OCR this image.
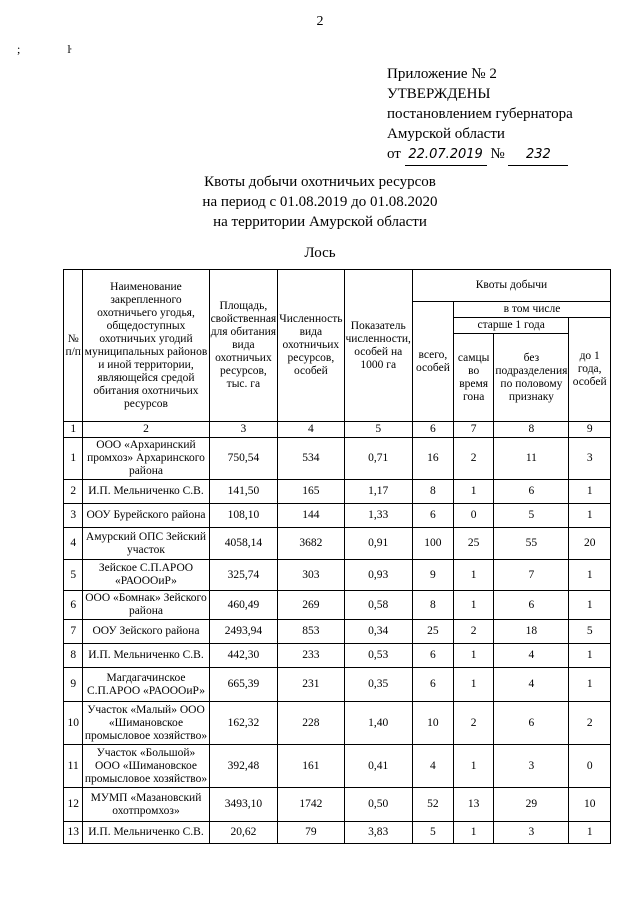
2
; ŀ
Приложение № 2
УТВЕРЖДЕНЫ
постановлением губернатора
Амурской области
от 22.07.2019 № 232
Квоты добычи охотничьих ресурсов
на период с 01.08.2019 до 01.08.2020
на территории Амурской области
Лось
№ п/п	Наименование закрепленного охотничьего угодья, общедоступных охотничьих угодий муниципальных районов и иной территории, являющейся средой обитания охотничьих ресурсов	Площадь, свойственная для обитания вида охотничьих ресурсов, тыс. га	Численность вида охотничьих ресурсов, особей	Показатель численности, особей на 1000 га	Квоты добычи			
					всего, особей	в том числе		
						старше 1 года		до 1 года, особей
						самцы во время гона	без подразделения по половому признаку	
1	2	3	4	5	6	7	8	9
1	ООО «Архаринский промхоз» Архаринского района	750,54	534	0,71	16	2	11	3
2	И.П. Мельниченко С.В.	141,50	165	1,17	8	1	6	1
3	ООУ Бурейского района	108,10	144	1,33	6	0	5	1
4	Амурский ОПС Зейский участок	4058,14	3682	0,91	100	25	55	20
5	Зейское С.П.АРОО «РАОООиР»	325,74	303	0,93	9	1	7	1
6	ООО «Бомнак» Зейского района	460,49	269	0,58	8	1	6	1
7	ООУ Зейского района	2493,94	853	0,34	25	2	18	5
8	И.П. Мельниченко С.В.	442,30	233	0,53	6	1	4	1
9	Магдагачинское С.П.АРОО «РАОООиР»	665,39	231	0,35	6	1	4	1
10	Участок «Малый» ООО «Шимановское промысловое хозяйство»	162,32	228	1,40	10	2	6	2
11	Участок «Большой» ООО «Шимановское промысловое хозяйство»	392,48	161	0,41	4	1	3	0
12	МУМП «Мазановский охотпромхоз»	3493,10	1742	0,50	52	13	29	10
13	И.П. Мельниченко С.В.	20,62	79	3,83	5	1	3	1
